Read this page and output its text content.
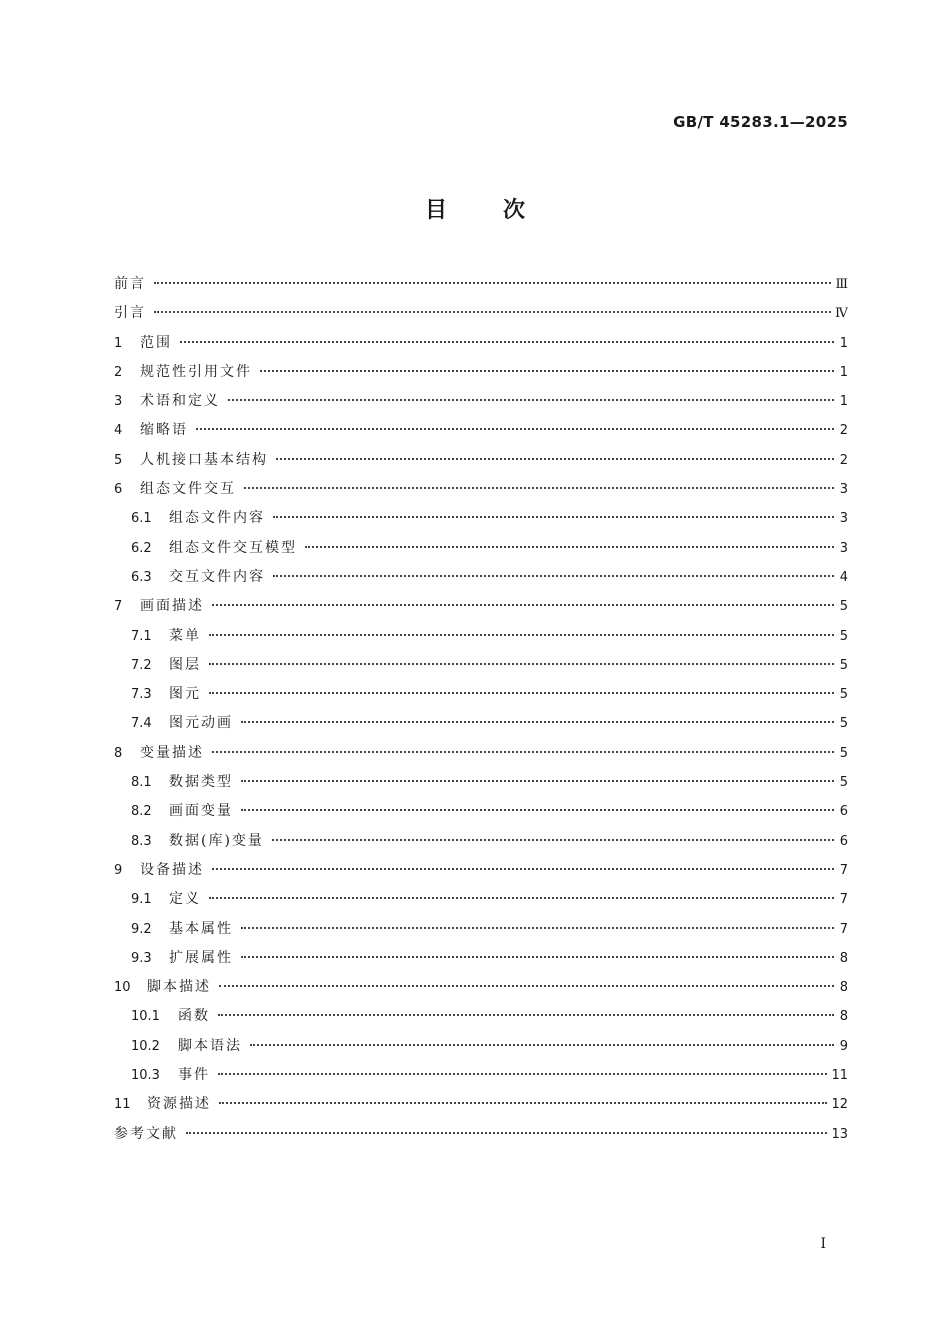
GB/T 45283.1—2025
目次
前言	Ⅲ
引言	Ⅳ
1	范围	1
2	规范性引用文件	1
3	术语和定义	1
4	缩略语	2
5	人机接口基本结构	2
6	组态文件交互	3
6.1	组态文件内容	3
6.2	组态文件交互模型	3
6.3	交互文件内容	4
7	画面描述	5
7.1	菜单	5
7.2	图层	5
7.3	图元	5
7.4	图元动画	5
8	变量描述	5
8.1	数据类型	5
8.2	画面变量	6
8.3	数据(库)变量	6
9	设备描述	7
9.1	定义	7
9.2	基本属性	7
9.3	扩展属性	8
10	脚本描述	8
10.1	函数	8
10.2	脚本语法	9
10.3	事件	11
11	资源描述	12
参考文献	13
I
